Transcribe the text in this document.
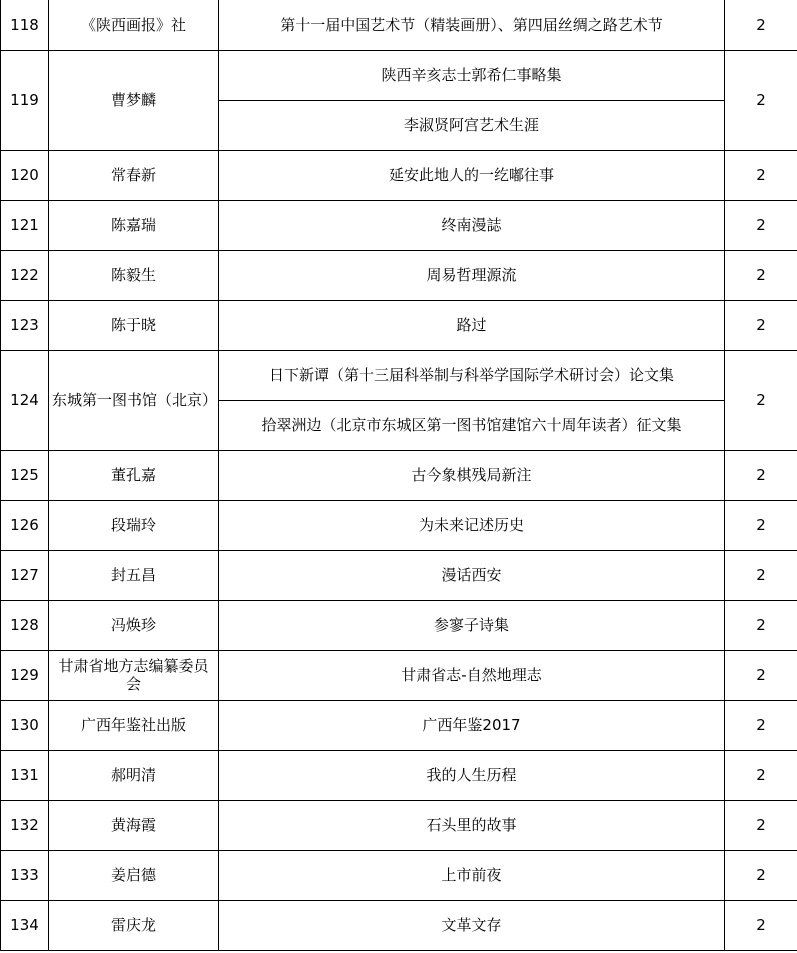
118	《陕西画报》社	第十一届中国艺术节（精装画册）、第四届丝绸之路艺术节	2
119	曹梦麟	陕西辛亥志士郭希仁事略集	2
		李淑贤阿宫艺术生涯	
120	常春新	延安此地人的一纥嘟往事	2
121	陈嘉瑞	终南漫誌	2
122	陈毅生	周易哲理源流	2
123	陈于晓	路过	2
124	东城第一图书馆（北京）	日下新谭（第十三届科举制与科举学国际学术研讨会）论文集	2
		拾翠洲边（北京市东城区第一图书馆建馆六十周年读者）征文集	
125	董孔嘉	古今象棋残局新注	2
126	段瑞玲	为未来记述历史	2
127	封五昌	漫话西安	2
128	冯焕珍	参寥子诗集	2
129	甘肃省地方志编纂委员会	甘肃省志-自然地理志	2
130	广西年鉴社出版	广西年鉴2017	2
131	郝明清	我的人生历程	2
132	黄海霞	石头里的故事	2
133	姜启德	上市前夜	2
134	雷庆龙	文革文存	2
